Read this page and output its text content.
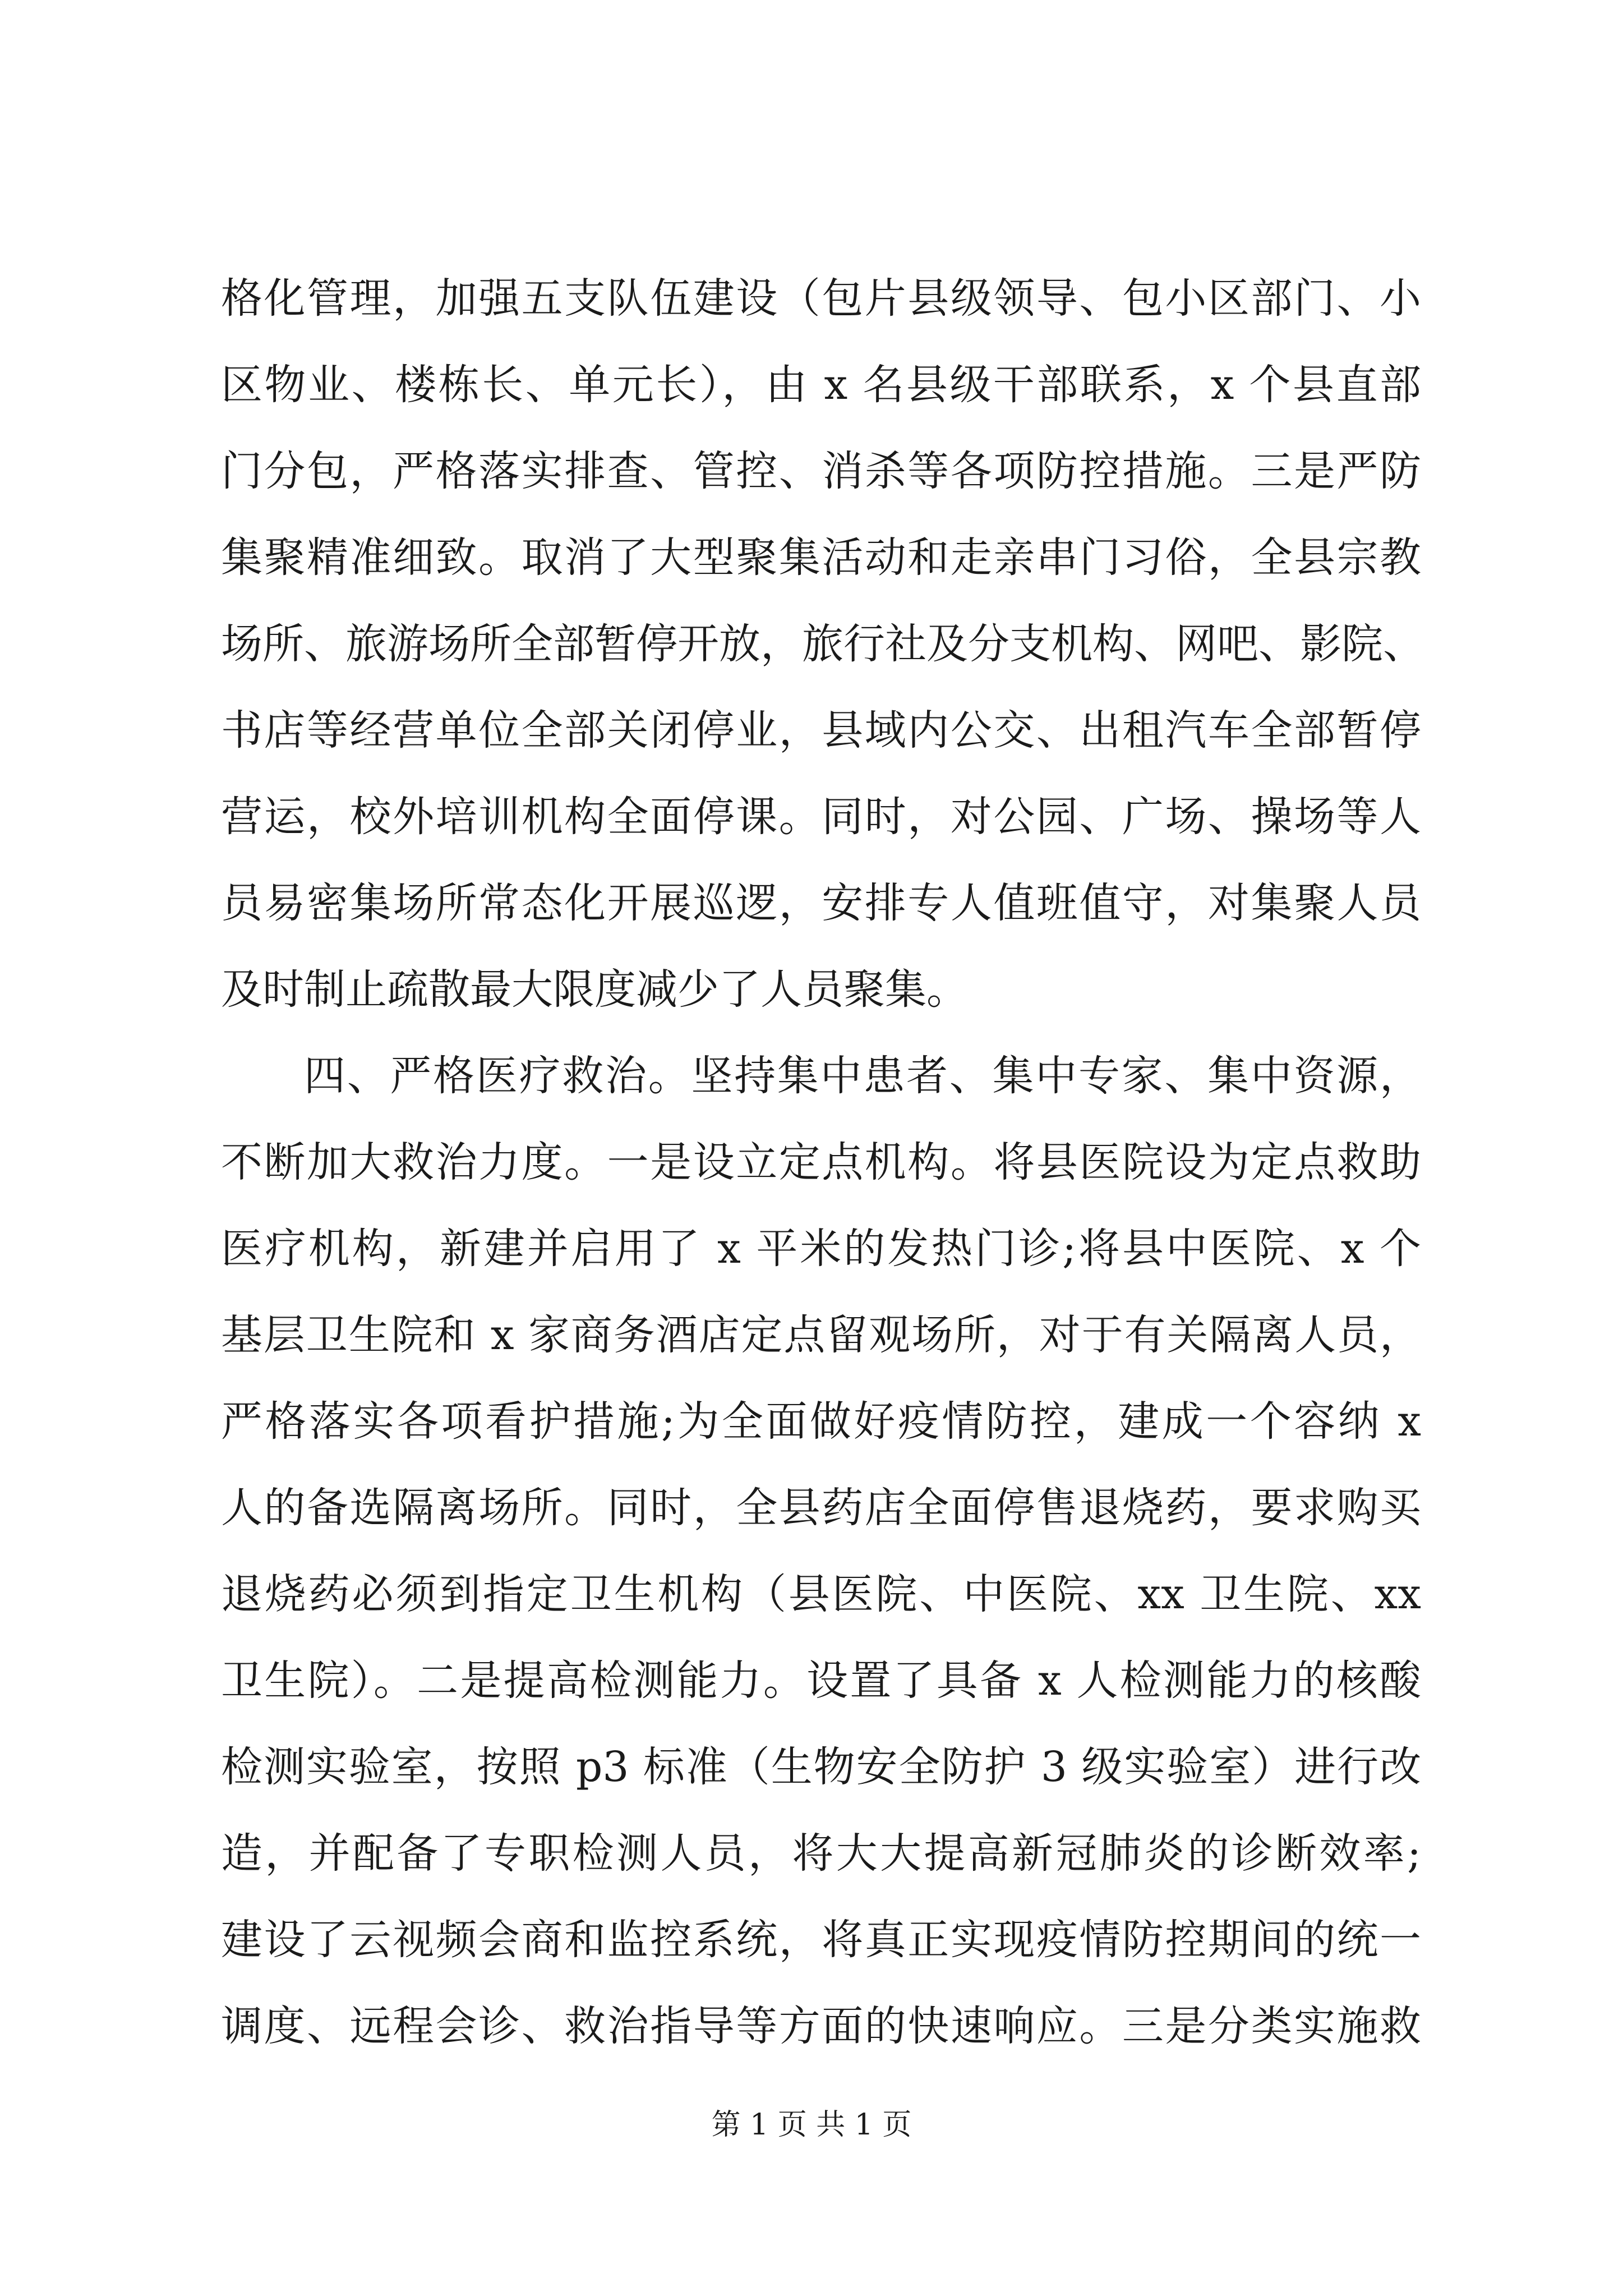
格化管理，加强五支队伍建设（包片县级领导、包小区部门、小
区物业、楼栋长、单元长），由 x 名县级干部联系，x 个县直部
门分包，严格落实排查、管控、消杀等各项防控措施。三是严防
集聚精准细致。取消了大型聚集活动和走亲串门习俗，全县宗教
场所、旅游场所全部暂停开放，旅行社及分支机构、网吧、影院、
书店等经营单位全部关闭停业，县域内公交、出租汽车全部暂停
营运，校外培训机构全面停课。同时，对公园、广场、操场等人
员易密集场所常态化开展巡逻，安排专人值班值守，对集聚人员
及时制止疏散最大限度减少了人员聚集。
四、严格医疗救治。坚持集中患者、集中专家、集中资源，
不断加大救治力度。一是设立定点机构。将县医院设为定点救助
医疗机构，新建并启用了 x 平米的发热门诊;将县中医院、x 个
基层卫生院和 x 家商务酒店定点留观场所，对于有关隔离人员，
严格落实各项看护措施;为全面做好疫情防控，建成一个容纳 x
人的备选隔离场所。同时，全县药店全面停售退烧药，要求购买
退烧药必须到指定卫生机构（县医院、中医院、xx 卫生院、xx
卫生院）。二是提高检测能力。设置了具备 x 人检测能力的核酸
检测实验室，按照 p3 标准（生物安全防护 3 级实验室）进行改
造，并配备了专职检测人员，将大大提高新冠肺炎的诊断效率;
建设了云视频会商和监控系统，将真正实现疫情防控期间的统一
调度、远程会诊、救治指导等方面的快速响应。三是分类实施救
第 1 页 共 1 页
